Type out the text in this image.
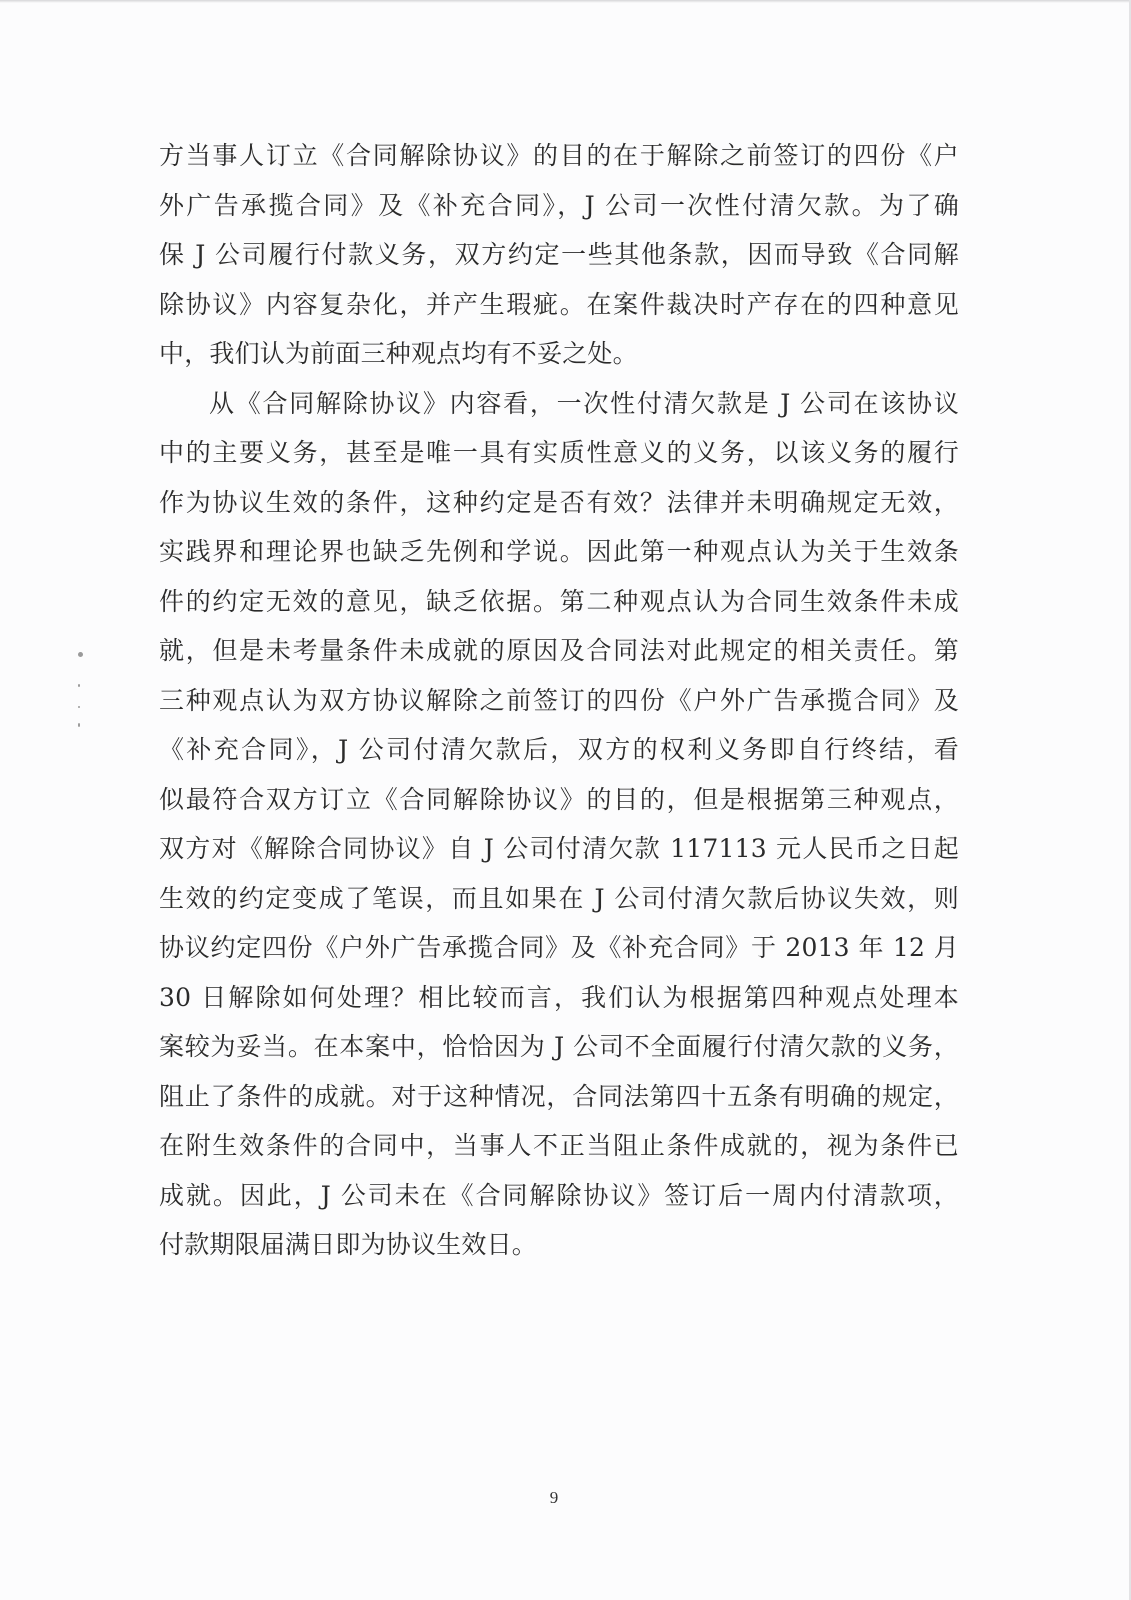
方当事人订立《合同解除协议》的目的在于解除之前签订的四份《户
外广告承揽合同》及《补充合同》，J 公司一次性付清欠款。为了确
保 J 公司履行付款义务，双方约定一些其他条款，因而导致《合同解
除协议》内容复杂化，并产生瑕疵。在案件裁决时产存在的四种意见
中，我们认为前面三种观点均有不妥之处。
从《合同解除协议》内容看，一次性付清欠款是 J 公司在该协议
中的主要义务，甚至是唯一具有实质性意义的义务，以该义务的履行
作为协议生效的条件，这种约定是否有效？法律并未明确规定无效，
实践界和理论界也缺乏先例和学说。因此第一种观点认为关于生效条
件的约定无效的意见，缺乏依据。第二种观点认为合同生效条件未成
就，但是未考量条件未成就的原因及合同法对此规定的相关责任。第
三种观点认为双方协议解除之前签订的四份《户外广告承揽合同》及
《补充合同》，J 公司付清欠款后，双方的权利义务即自行终结，看
似最符合双方订立《合同解除协议》的目的，但是根据第三种观点，
双方对《解除合同协议》自 J 公司付清欠款 117113 元人民币之日起
生效的约定变成了笔误，而且如果在 J 公司付清欠款后协议失效，则
协议约定四份《户外广告承揽合同》及《补充合同》于 2013 年 12 月
30 日解除如何处理？相比较而言，我们认为根据第四种观点处理本
案较为妥当。在本案中，恰恰因为 J 公司不全面履行付清欠款的义务，
阻止了条件的成就。对于这种情况，合同法第四十五条有明确的规定，
在附生效条件的合同中，当事人不正当阻止条件成就的，视为条件已
成就。因此，J 公司未在《合同解除协议》签订后一周内付清款项，
付款期限届满日即为协议生效日。
9
